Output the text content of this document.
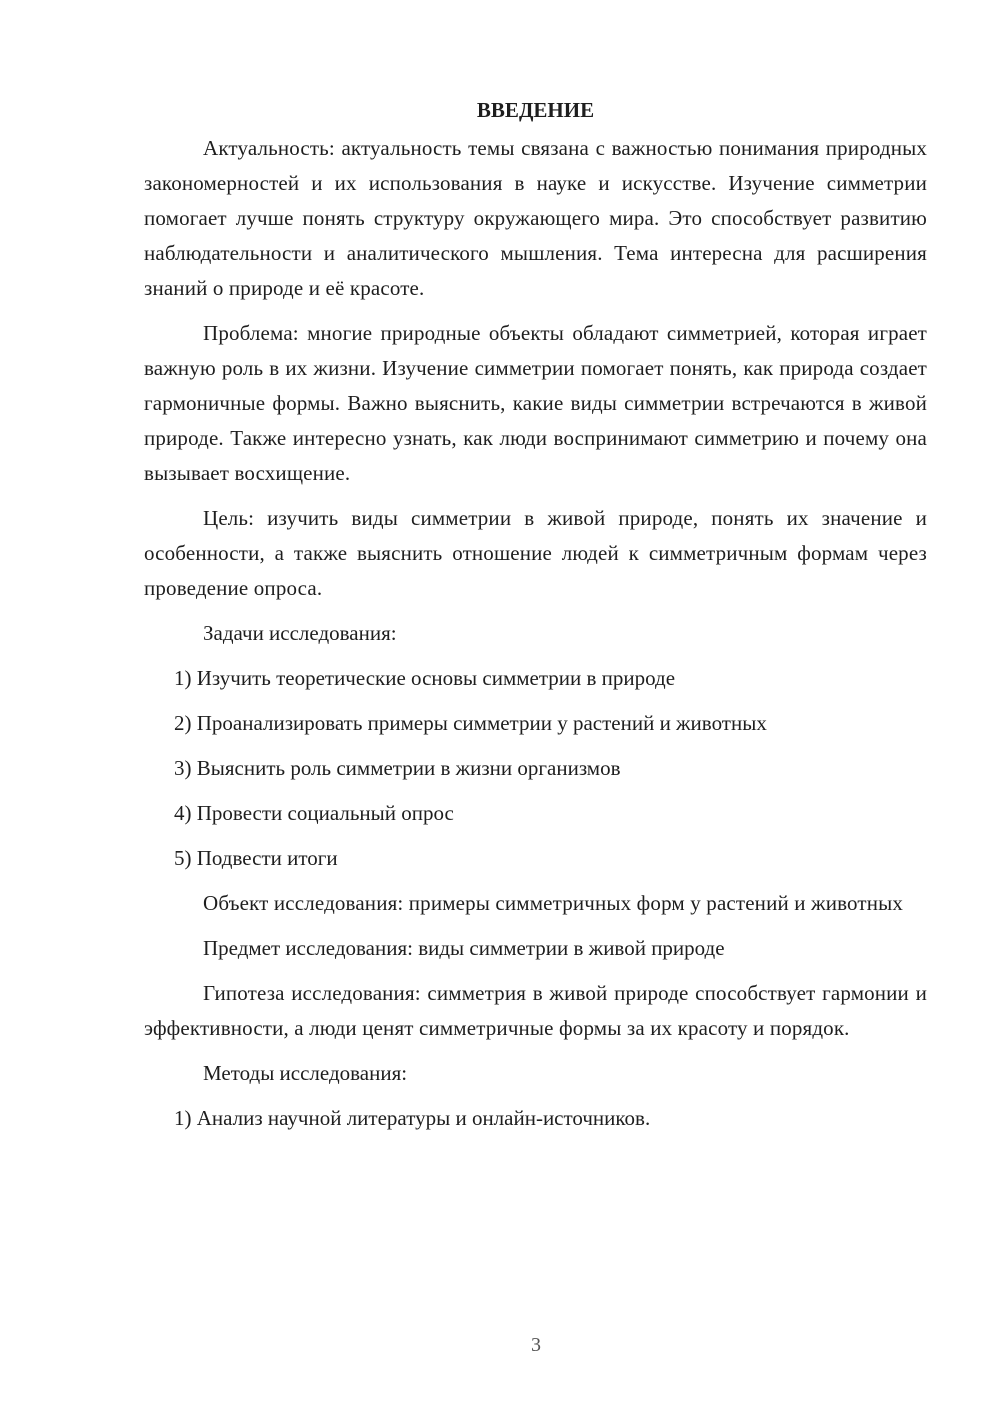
ВВЕДЕНИЕ

Актуальность: актуальность темы связана с важностью понимания природных закономерностей и их использования в науке и искусстве. Изучение симметрии помогает лучше понять структуру окружающего мира. Это способствует развитию наблюдательности и аналитического мышления. Тема интересна для расширения знаний о природе и её красоте.

Проблема: многие природные объекты обладают симметрией, которая играет важную роль в их жизни. Изучение симметрии помогает понять, как природа создает гармоничные формы. Важно выяснить, какие виды симметрии встречаются в живой природе. Также интересно узнать, как люди воспринимают симметрию и почему она вызывает восхищение.

Цель: изучить виды симметрии в живой природе, понять их значение и особенности, а также выяснить отношение людей к симметричным формам через проведение опроса.

Задачи исследования:

1) Изучить теоретические основы симметрии в природе

2) Проанализировать примеры симметрии у растений и животных

3) Выяснить роль симметрии в жизни организмов

4) Провести социальный опрос

5) Подвести итоги

Объект исследования: примеры симметричных форм у растений и животных

Предмет исследования: виды симметрии в живой природе

Гипотеза исследования: симметрия в живой природе способствует гармонии и эффективности, а люди ценят симметричные формы за их красоту и порядок.

Методы исследования:

1) Анализ научной литературы и онлайн-источников.

3
